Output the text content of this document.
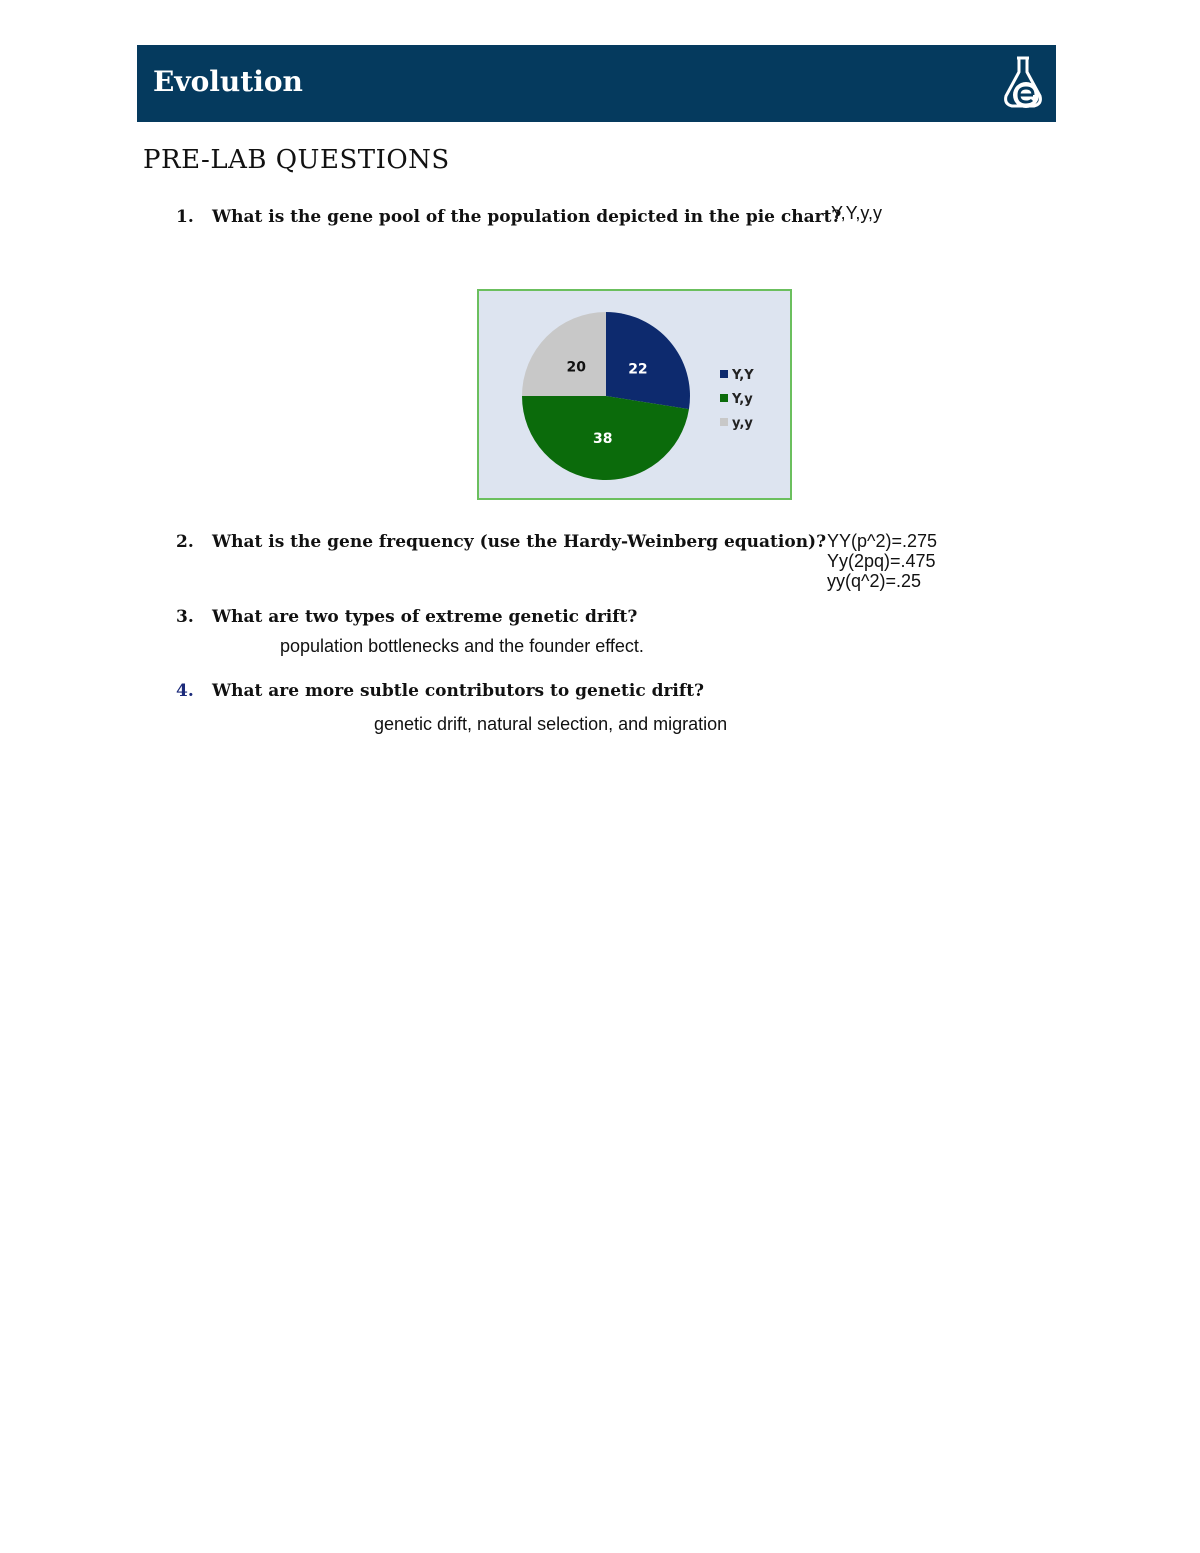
Evolution
PRE-LAB QUESTIONS
1. What is the gene pool of the population depicted in the pie chart?
Y,Y,y,y
22
38
20
Y,Y
Y,y
y,y
2. What is the gene frequency (use the Hardy-Weinberg equation)? YY(p^2)=.275
Yy(2pq)=.475
yy(q^2)=.25
3. What are two types of extreme genetic drift?
population bottlenecks and the founder effect.
4. What are more subtle contributors to genetic drift?
genetic drift, natural selection, and migration
